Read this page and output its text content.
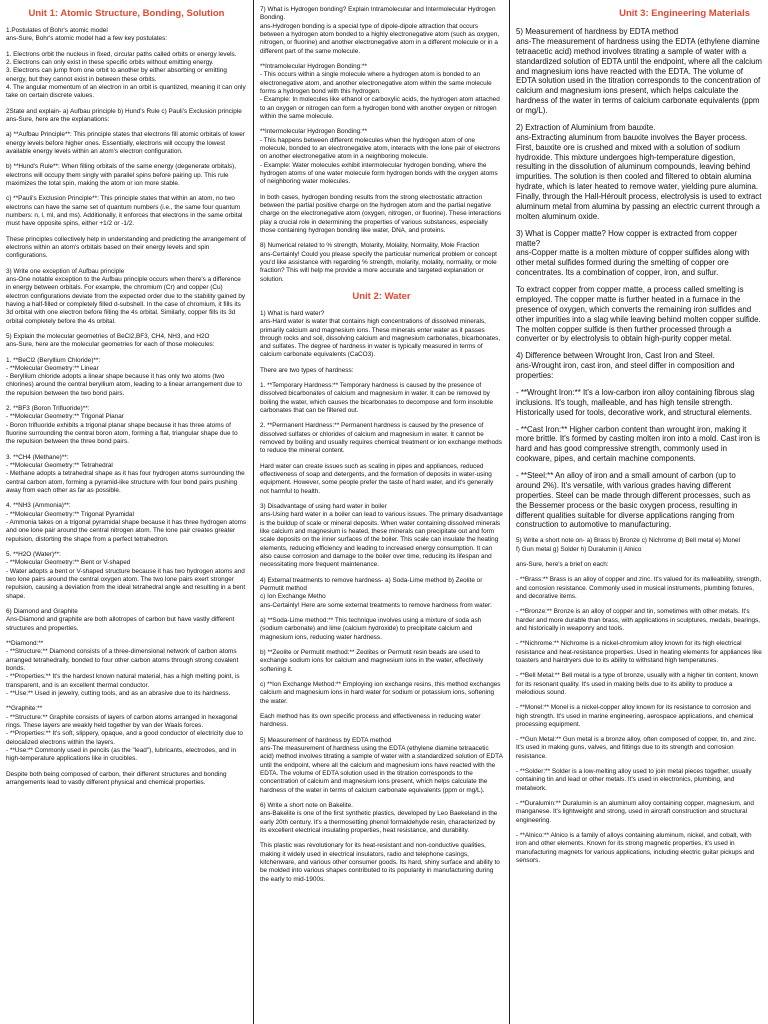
Unit 1: Atomic Structure, Bonding, Solution

1.Postulates of Bohr's atomic model
ans-Sure, Bohr's atomic model had a few key postulates:

1. Electrons orbit the nucleus in fixed, circular paths called orbits or energy levels.
2. Electrons can only exist in these specific orbits without emitting energy.
3. Electrons can jump from one orbit to another by either absorbing or emitting energy, but they cannot exist in between these orbits.
4. The angular momentum of an electron in an orbit is quantized, meaning it can only take on certain discrete values.

2State and explain- a) Aufbau principle b) Hund's Rule c) Pauli's Exclusion principle
ans-Sure, here are the explanations:

a) **Aufbau Principle**: This principle states that electrons fill atomic orbitals of lower energy levels before higher ones. Essentially, electrons will occupy the lowest available energy levels within an atom's electron configuration.

b) **Hund's Rule**: When filling orbitals of the same energy (degenerate orbitals), electrons will occupy them singly with parallel spins before pairing up. This rule maximizes the total spin, making the atom or ion more stable.

c) **Pauli's Exclusion Principle**: This principle states that within an atom, no two electrons can have the same set of quantum numbers (i.e., the same four quantum numbers: n, l, ml, and ms). Additionally, it enforces that electrons in the same orbital must have opposite spins, either +1/2 or -1/2.

These principles collectively help in understanding and predicting the arrangement of electrons within an atom's orbitals based on their energy levels and spin configurations.

3) Write one exception of Aufbau principle
ans-One notable exception to the Aufbau principle occurs when there's a difference in energy between orbitals. For example, the chromium (Cr) and copper (Cu) electron configurations deviate from the expected order due to the stability gained by having a half-filled or completely filled d-subshell. In the case of chromium, it fills its 3d orbital with one electron before filling the 4s orbital. Similarly, copper fills its 3d orbital completely before the 4s orbital.

5) Explain the molecular geometries of BeCl2,BF3, CH4, NH3, and H2O
ans-Sure, here are the molecular geometries for each of those molecules:

1. **BeCl2 (Beryllium Chloride)**:
- **Molecular Geometry:** Linear
- Beryllium chloride adopts a linear shape because it has only two atoms (two chlorines) around the central beryllium atom, leading to a linear arrangement due to the repulsion between the two bond pairs.

2. **BF3 (Boron Trifluoride)**:
- **Molecular Geometry:** Trigonal Planar
- Boron trifluoride exhibits a trigonal planar shape because it has three atoms of fluorine surrounding the central boron atom, forming a flat, triangular shape due to the repulsion between the three bond pairs.

3. **CH4 (Methane)**:
- **Molecular Geometry:** Tetrahedral
- Methane adopts a tetrahedral shape as it has four hydrogen atoms surrounding the central carbon atom, forming a pyramid-like structure with four bond pairs pushing away from each other as far as possible.

4. **NH3 (Ammonia)**:
- **Molecular Geometry:** Trigonal Pyramidal
- Ammonia takes on a trigonal pyramidal shape because it has three hydrogen atoms and one lone pair around the central nitrogen atom. The lone pair creates greater repulsion, distorting the shape from a perfect tetrahedron.

5. **H2O (Water)**:
- **Molecular Geometry:** Bent or V-shaped
- Water adopts a bent or V-shaped structure because it has two hydrogen atoms and two lone pairs around the central oxygen atom. The two lone pairs exert stronger repulsion, causing a deviation from the ideal tetrahedral angle and resulting in a bent shape.

6) Diamond and Graphite
Ans-Diamond and graphite are both allotropes of carbon but have vastly different structures and properties.

**Diamond:**
- **Structure:** Diamond consists of a three-dimensional network of carbon atoms arranged tetrahedrally, bonded to four other carbon atoms through strong covalent bonds.
- **Properties:** It's the hardest known natural material, has a high melting point, is transparent, and is an excellent thermal conductor.
- **Use:** Used in jewelry, cutting tools, and as an abrasive due to its hardness.

**Graphite:**
- **Structure:** Graphite consists of layers of carbon atoms arranged in hexagonal rings. These layers are weakly held together by van der Waals forces.
- **Properties:** It's soft, slippery, opaque, and a good conductor of electricity due to delocalized electrons within the layers.
- **Use:** Commonly used in pencils (as the "lead"), lubricants, electrodes, and in high-temperature applications like in crucibles.

Despite both being composed of carbon, their different structures and bonding arrangements lead to vastly different physical and chemical properties.

7) What is Hydrogen bonding? Explain Intramolecular and Intermolecular Hydrogen Bonding.
ans-Hydrogen bonding is a special type of dipole-dipole attraction that occurs between a hydrogen atom bonded to a highly electronegative atom (such as oxygen, nitrogen, or fluorine) and another electronegative atom in a different molecule or in a different part of the same molecule.

**Intramolecular Hydrogen Bonding:**
- This occurs within a single molecule where a hydrogen atom is bonded to an electronegative atom, and another electronegative atom within the same molecule forms a hydrogen bond with this hydrogen.
- Example: In molecules like ethanol or carboxylic acids, the hydrogen atom attached to an oxygen or nitrogen can form a hydrogen bond with another oxygen or nitrogen within the same molecule.

**Intermolecular Hydrogen Bonding:**
- This happens between different molecules when the hydrogen atom of one molecule, bonded to an electronegative atom, interacts with the lone pair of electrons on another electronegative atom in a neighboring molecule.
- Example: Water molecules exhibit intermolecular hydrogen bonding, where the hydrogen atoms of one water molecule form hydrogen bonds with the oxygen atoms of neighboring water molecules.

In both cases, hydrogen bonding results from the strong electrostatic attraction between the partial positive charge on the hydrogen atom and the partial negative charge on the electronegative atom (oxygen, nitrogen, or fluorine). These interactions play a crucial role in determining the properties of various substances, especially those containing hydrogen bonding like water, DNA, and proteins.

8) Numerical related to % strength, Molarity, Molality, Normality, Mole Fraction
ans-Certainly! Could you please specify the particular numerical problem or concept you'd like assistance with regarding % strength, molarity, molality, normality, or mole fraction? This will help me provide a more accurate and targeted explanation or solution.

Unit 2: Water

1) What is hard water?
ans-Hard water is water that contains high concentrations of dissolved minerals, primarily calcium and magnesium ions. These minerals enter water as it passes through rocks and soil, dissolving calcium and magnesium carbonates, bicarbonates, and sulfates. The degree of hardness in water is typically measured in terms of calcium carbonate equivalents (CaCO3).

There are two types of hardness:

1. **Temporary Hardness:** Temporary hardness is caused by the presence of dissolved bicarbonates of calcium and magnesium in water. It can be removed by boiling the water, which causes the bicarbonates to decompose and form insoluble carbonates that can be filtered out.

2. **Permanent Hardness:** Permanent hardness is caused by the presence of dissolved sulfates or chlorides of calcium and magnesium in water. It cannot be removed by boiling and usually requires chemical treatment or ion exchange methods to reduce the mineral content.

Hard water can create issues such as scaling in pipes and appliances, reduced effectiveness of soap and detergents, and the formation of deposits in water-using equipment. However, some people prefer the taste of hard water, and it's generally not harmful to health.

3) Disadvantage of using hard water in boiler
ans-Using hard water in a boiler can lead to various issues. The primary disadvantage is the buildup of scale or mineral deposits. When water containing dissolved minerals like calcium and magnesium is heated, these minerals can precipitate out and form scale deposits on the inner surfaces of the boiler. This scale can insulate the heating elements, reducing efficiency and leading to increased energy consumption. It can also cause corrosion and damage to the boiler over time, reducing its lifespan and necessitating more frequent maintenance.

4) External treatments to remove hardness- a) Soda-Lime method b) Zeolite or Permutit method
c) Ion Exchange Metho
ans-Certainly! Here are some external treatments to remove hardness from water:

a) **Soda-Lime method:** This technique involves using a mixture of soda ash (sodium carbonate) and lime (calcium hydroxide) to precipitate calcium and magnesium ions, reducing water hardness.

b) **Zeolite or Permutit method:** Zeolites or Permutit resin beads are used to exchange sodium ions for calcium and magnesium ions in the water, effectively softening it.

c) **Ion Exchange Method:** Employing ion exchange resins, this method exchanges calcium and magnesium ions in hard water for sodium or potassium ions, softening the water.

Each method has its own specific process and effectiveness in reducing water hardness.

5) Measurement of hardness by EDTA method
ans-The measurement of hardness using the EDTA (ethylene diamine tetraacetic acid) method involves titrating a sample of water with a standardized solution of EDTA until the endpoint, where all the calcium and magnesium ions have reacted with the EDTA. The volume of EDTA solution used in the titration corresponds to the concentration of calcium and magnesium ions present, which helps calculate the hardness of the water in terms of calcium carbonate equivalents (ppm or mg/L).

6) Write a short note on Bakelite.
ans-Bakelite is one of the first synthetic plastics, developed by Leo Baekeland in the early 20th century. It's a thermosetting phenol formaldehyde resin, characterized by its excellent electrical insulating properties, heat resistance, and durability.

This plastic was revolutionary for its heat-resistant and non-conductive qualities, making it widely used in electrical insulators, radio and telephone casings, kitchenware, and various other consumer goods. Its hard, shiny surface and ability to be molded into various shapes contributed to its popularity in manufacturing during the early to mid-1900s.

Unit 3: Engineering Materials

5) Measurement of hardness by EDTA method
ans-The measurement of hardness using the EDTA (ethylene diamine tetraacetic acid) method involves titrating a sample of water with a standardized solution of EDTA until the endpoint, where all the calcium and magnesium ions have reacted with the EDTA. The volume of EDTA solution used in the titration corresponds to the concentration of calcium and magnesium ions present, which helps calculate the hardness of the water in terms of calcium carbonate equivalents (ppm or mg/L).

2) Extraction of Aluminium from bauxite.
ans-Extracting aluminum from bauxite involves the Bayer process. First, bauxite ore is crushed and mixed with a solution of sodium hydroxide. This mixture undergoes high-temperature digestion, resulting in the dissolution of aluminum compounds, leaving behind impurities. The solution is then cooled and filtered to obtain alumina hydrate, which is later heated to remove water, yielding pure alumina. Finally, through the Hall-Héroult process, electrolysis is used to extract aluminum metal from alumina by passing an electric current through a molten aluminum oxide.

3) What is Copper matte? How copper is extracted from copper matte?
ans-Copper matte is a molten mixture of copper sulfides along with other metal sulfides formed during the smelting of copper ore concentrates. Its a combination of copper, iron, and sulfur.

To extract copper from copper matte, a process called smelting is employed. The copper matte is further heated in a furnace in the presence of oxygen, which converts the remaining iron sulfides and other impurities into a slag while leaving behind molten copper sulfide. The molten copper sulfide is then further processed through a converter or by electrolysis to obtain high-purity copper metal.

4) Difference between Wrought Iron, Cast Iron and Steel.
ans-Wrought iron, cast iron, and steel differ in composition and properties:

- **Wrought Iron:** It's a low-carbon iron alloy containing fibrous slag inclusions. It's tough, malleable, and has high tensile strength. Historically used for tools, decorative work, and structural elements.

- **Cast Iron:** Higher carbon content than wrought iron, making it more brittle. It's formed by casting molten iron into a mold. Cast iron is hard and has good compressive strength, commonly used in cookware, pipes, and certain machine components.

- **Steel:** An alloy of iron and a small amount of carbon (up to around 2%). It's versatile, with various grades having different properties. Steel can be made through different processes, such as the Bessemer process or the basic oxygen process, resulting in different qualities suitable for diverse applications ranging from construction to automotive to manufacturing.

5) Write a short note on- a) Brass b) Bronze c) Nichrome d) Bell metal e) Monel
f) Gun metal g) Solder h) Duralumin i) Alnico

ans-Sure, here's a brief on each:

- **Brass:** Brass is an alloy of copper and zinc. It's valued for its malleability, strength, and corrosion resistance. Commonly used in musical instruments, plumbing fixtures, and decorative items.

- **Bronze:** Bronze is an alloy of copper and tin, sometimes with other metals. It's harder and more durable than brass, with applications in sculptures, medals, bearings, and historically in weaponry and tools.

- **Nichrome:** Nichrome is a nickel-chromium alloy known for its high electrical resistance and heat-resistance properties. Used in heating elements for appliances like toasters and hairdryers due to its ability to withstand high temperatures.

- **Bell Metal:** Bell metal is a type of bronze, usually with a higher tin content, known for its resonant quality. It's used in making bells due to its ability to produce a melodious sound.

- **Monel:** Monel is a nickel-copper alloy known for its resistance to corrosion and high strength. It's used in marine engineering, aerospace applications, and chemical processing equipment.

- **Gun Metal:** Gun metal is a bronze alloy, often composed of copper, tin, and zinc. It's used in making guns, valves, and fittings due to its strength and corrosion resistance.

- **Solder:** Solder is a low-melting alloy used to join metal pieces together, usually containing tin and lead or other metals. It's used in electronics, plumbing, and metalwork.

- **Duralumin:** Duralumin is an aluminum alloy containing copper, magnesium, and manganese. It's lightweight and strong, used in aircraft construction and structural engineering.

- **Alnico:** Alnico is a family of alloys containing aluminum, nickel, and cobalt, with iron and other elements. Known for its strong magnetic properties, it's used in manufacturing magnets for various applications, including electric guitar pickups and sensors.
